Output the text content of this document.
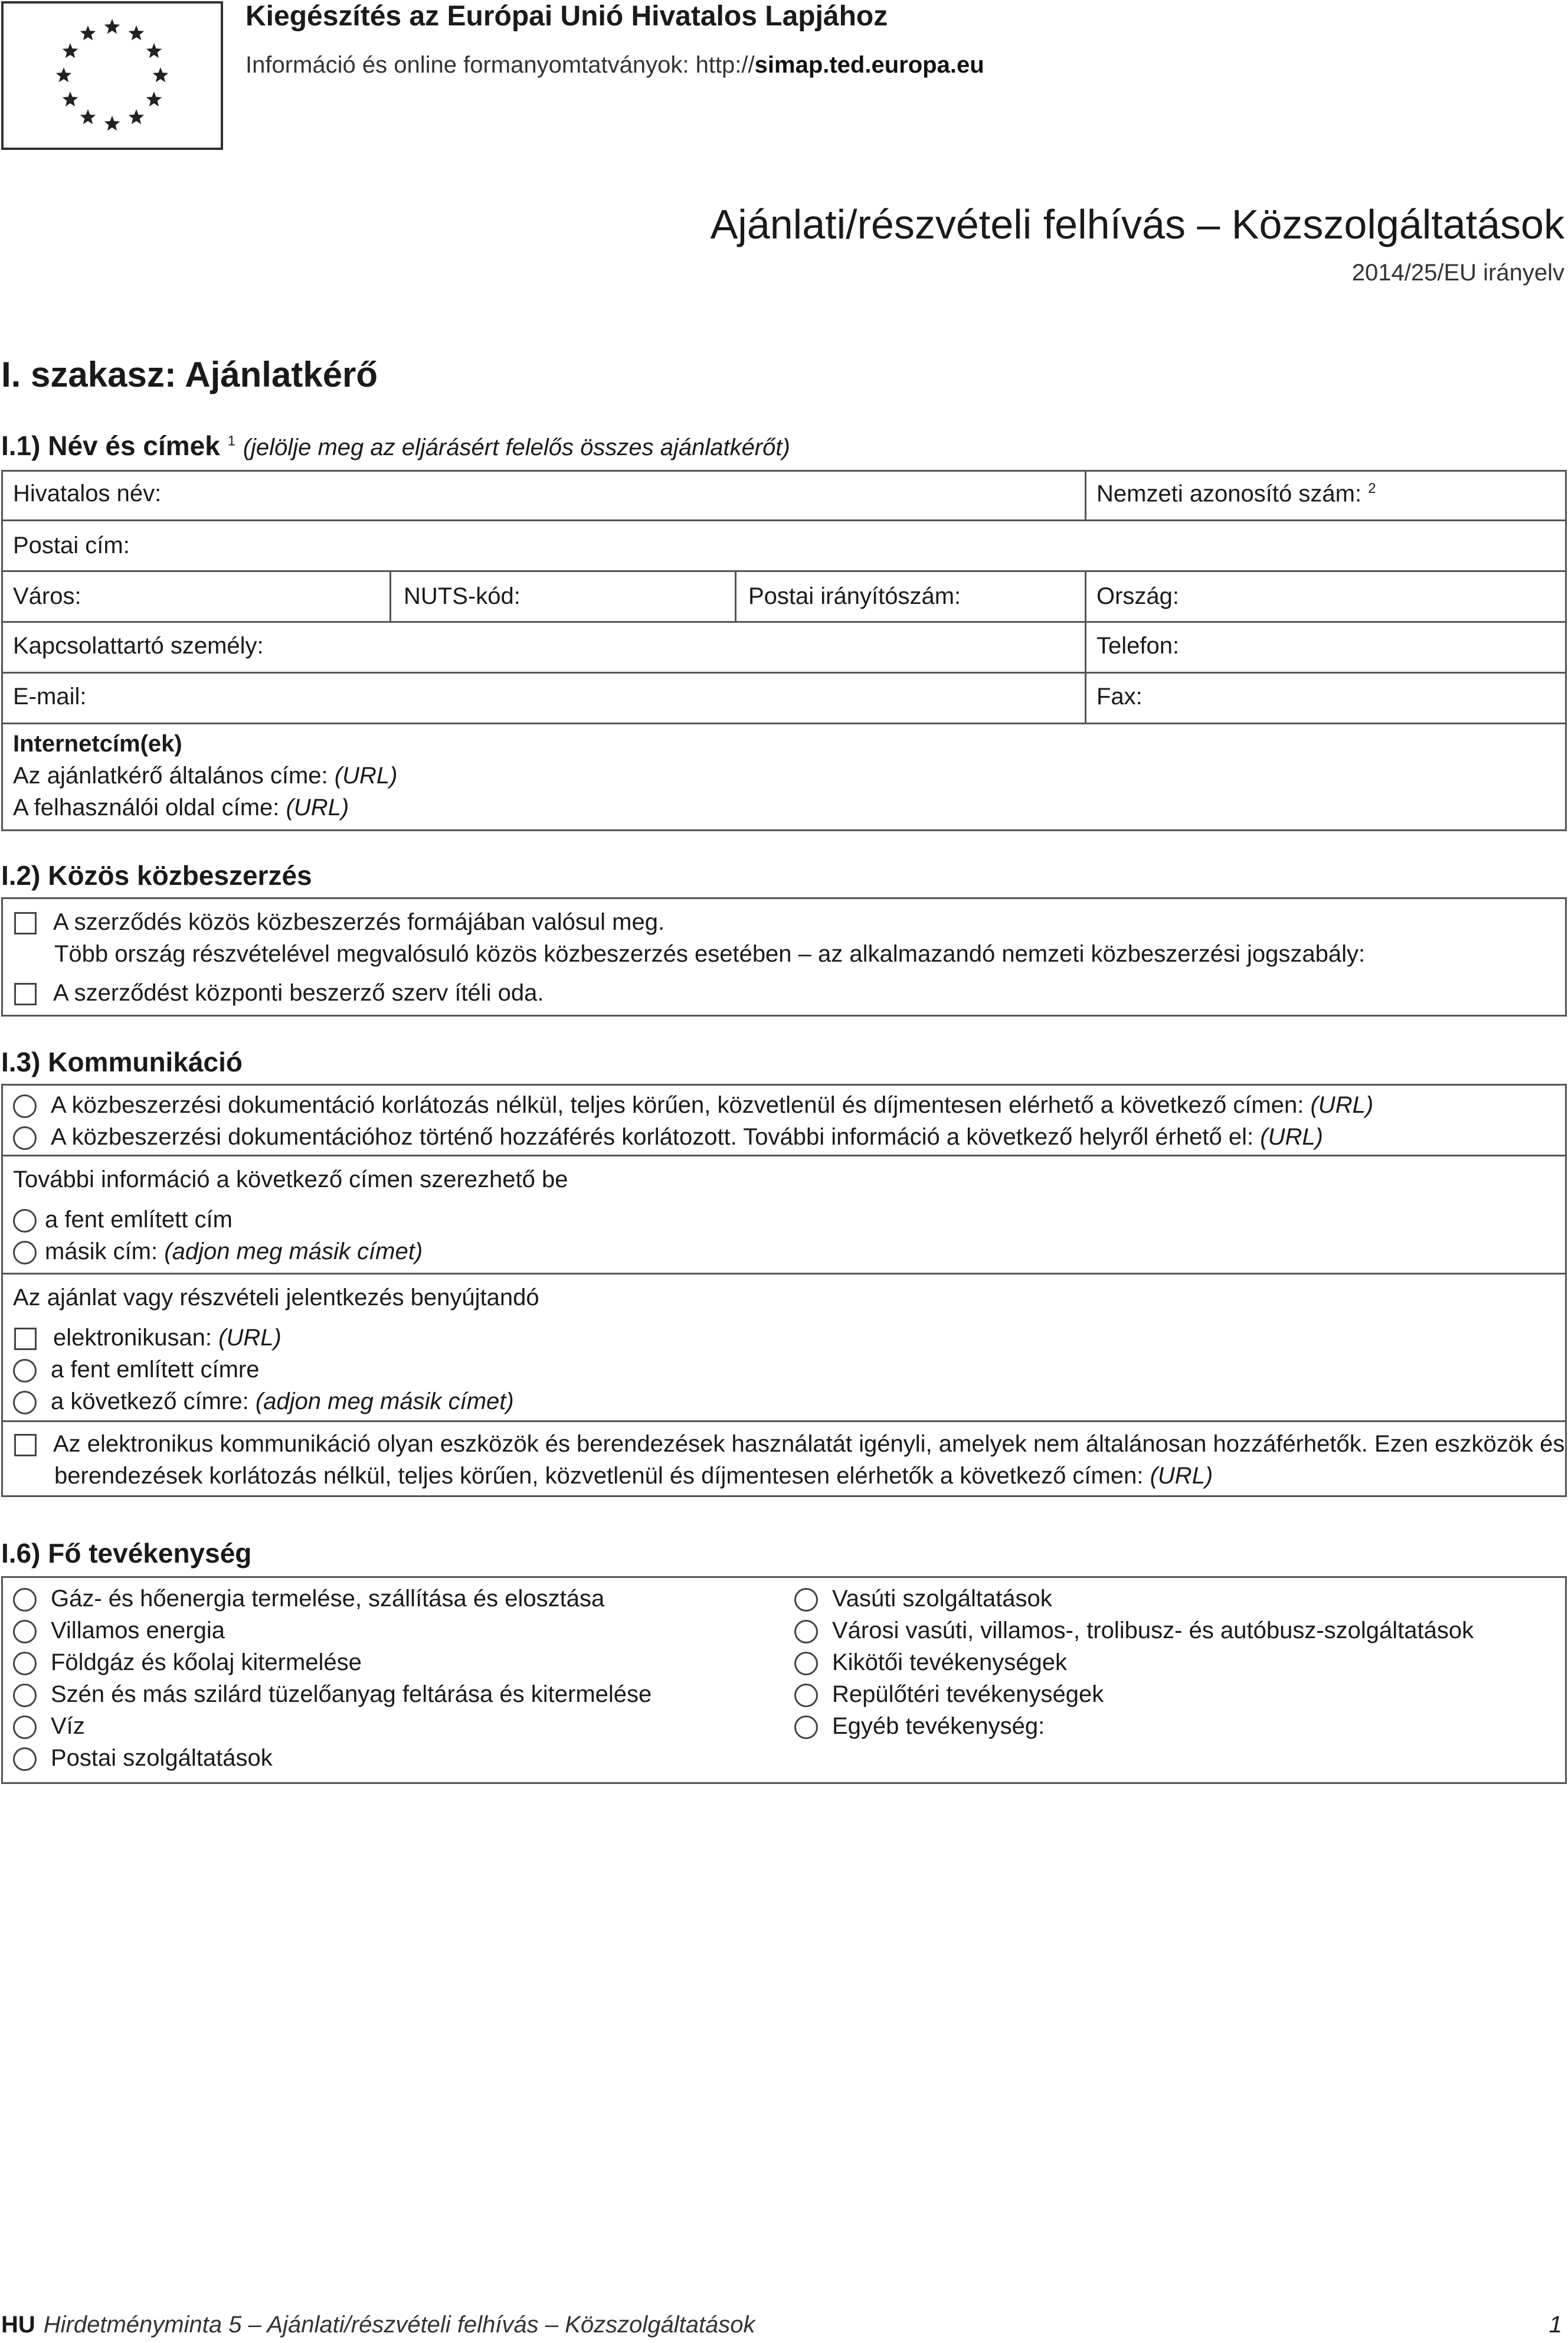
Kiegészítés az Európai Unió Hivatalos Lapjához
Információ és online formanyomtatványok: http://simap.ted.europa.eu
Ajánlati/részvételi felhívás – Közszolgáltatások
2014/25/EU irányelv
I. szakasz: Ajánlatkérő
I.1) Név és címek $^1$ (jelölje meg az eljárásért felelős összes ajánlatkérőt)
Hivatalos név:	Nemzeti azonosító szám: $^2$
Postai cím:
Város:	NUTS-kód:	Postai irányítószám:	Ország:
Kapcsolattartó személy:	Telefon:
E-mail:	Fax:
Internetcím(ek)
Az ajánlatkérő általános címe: (URL)
A felhasználói oldal címe: (URL)
I.2) Közös közbeszerzés
A szerződés közös közbeszerzés formájában valósul meg.
Több ország részvételével megvalósuló közös közbeszerzés esetében – az alkalmazandó nemzeti közbeszerzési jogszabály:
A szerződést központi beszerző szerv ítéli oda.
I.3) Kommunikáció
A közbeszerzési dokumentáció korlátozás nélkül, teljes körűen, közvetlenül és díjmentesen elérhető a következő címen: (URL)
A közbeszerzési dokumentációhoz történő hozzáférés korlátozott. További információ a következő helyről érhető el: (URL)
További információ a következő címen szerezhető be
a fent említett cím
másik cím: (adjon meg másik címet)
Az ajánlat vagy részvételi jelentkezés benyújtandó
elektronikusan: (URL)
a fent említett címre
a következő címre: (adjon meg másik címet)
Az elektronikus kommunikáció olyan eszközök és berendezések használatát igényli, amelyek nem általánosan hozzáférhetők. Ezen eszközök és
berendezések korlátozás nélkül, teljes körűen, közvetlenül és díjmentesen elérhetők a következő címen: (URL)
I.6) Fő tevékenység
Gáz- és hőenergia termelése, szállítása és elosztása
Villamos energia
Földgáz és kőolaj kitermelése
Szén és más szilárd tüzelőanyag feltárása és kitermelése
Víz
Postai szolgáltatások
Vasúti szolgáltatások
Városi vasúti, villamos-, trolibusz- és autóbusz-szolgáltatások
Kikötői tevékenységek
Repülőtéri tevékenységek
Egyéb tevékenység:
HU Hirdetményminta 5 – Ajánlati/részvételi felhívás – Közszolgáltatások	1
